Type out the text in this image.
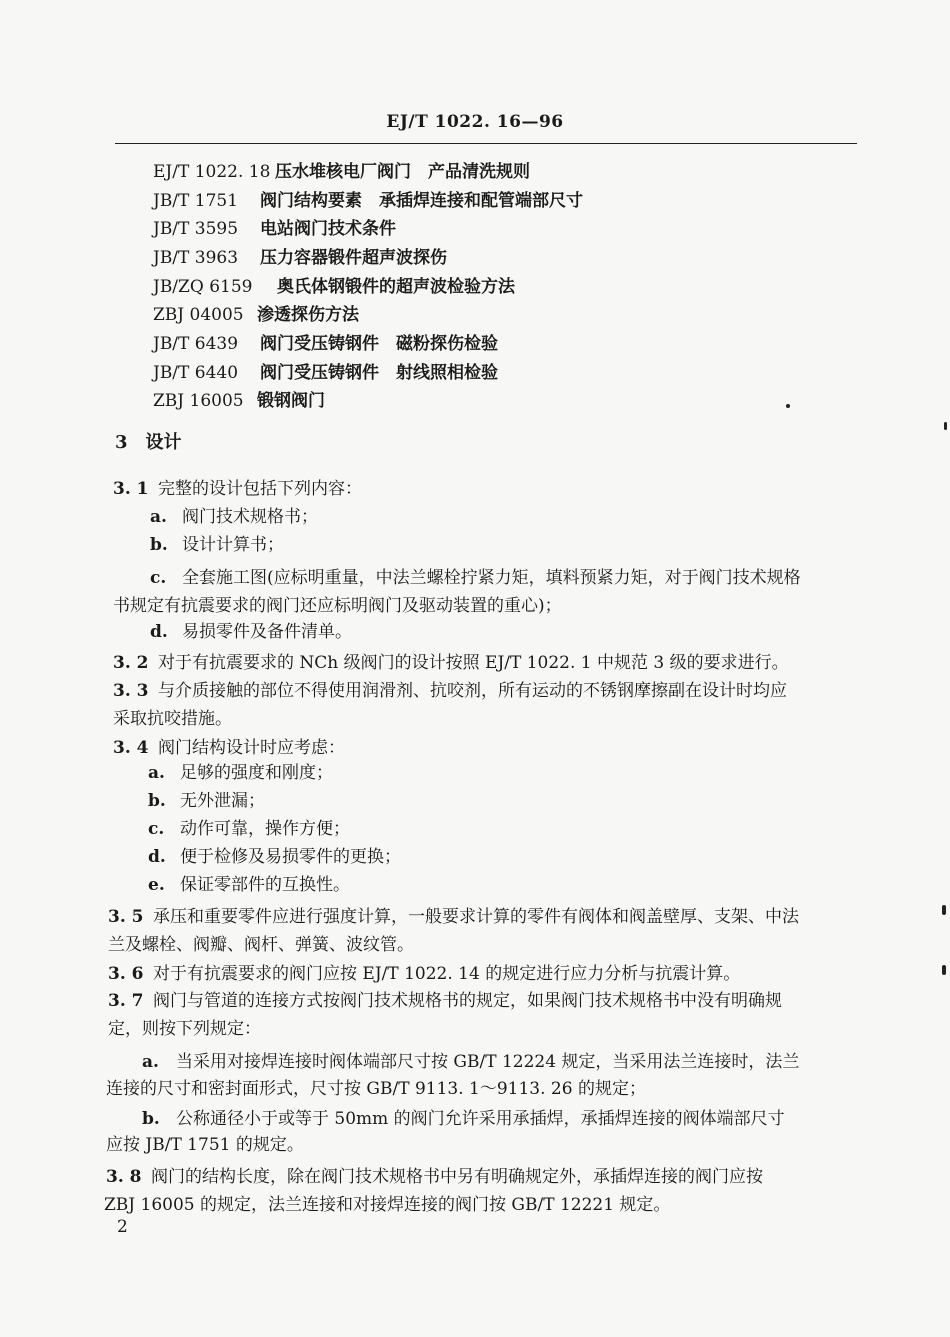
EJ/T 1022. 16—96
EJ/T 1022. 18 压水堆核电厂阀门　产品清洗规则
JB/T 1751 阀门结构要素　承插焊连接和配管端部尺寸
JB/T 3595 电站阀门技术条件
JB/T 3963 压力容器锻件超声波探伤
JB/ZQ 6159 奥氏体钢锻件的超声波检验方法
ZBJ 04005 渗透探伤方法
JB/T 6439 阀门受压铸钢件　磁粉探伤检验
JB/T 6440 阀门受压铸钢件　射线照相检验
ZBJ 16005 锻钢阀门
3　 设计
3. 1 完整的设计包括下列内容：
a. 阀门技术规格书；
b. 设计计算书；
c. 全套施工图(应标明重量，中法兰螺栓拧紧力矩，填料预紧力矩，对于阀门技术规格
书规定有抗震要求的阀门还应标明阀门及驱动装置的重心)；
d. 易损零件及备件清单。
3. 2 对于有抗震要求的 NCh 级阀门的设计按照 EJ/T 1022. 1 中规范 3 级的要求进行。
3. 3 与介质接触的部位不得使用润滑剂、抗咬剂，所有运动的不锈钢摩擦副在设计时均应
采取抗咬措施。
3. 4 阀门结构设计时应考虑：
a. 足够的强度和刚度；
b. 无外泄漏；
c. 动作可靠，操作方便；
d. 便于检修及易损零件的更换；
e. 保证零部件的互换性。
3. 5 承压和重要零件应进行强度计算，一般要求计算的零件有阀体和阀盖壁厚、支架、中法
兰及螺栓、阀瓣、阀杆、弹簧、波纹管。
3. 6 对于有抗震要求的阀门应按 EJ/T 1022. 14 的规定进行应力分析与抗震计算。
3. 7 阀门与管道的连接方式按阀门技术规格书的规定，如果阀门技术规格书中没有明确规
定，则按下列规定：
a. 当采用对接焊连接时阀体端部尺寸按 GB/T 12224 规定，当采用法兰连接时，法兰
连接的尺寸和密封面形式，尺寸按 GB/T 9113. 1～9113. 26 的规定；
b. 公称通径小于或等于 50mm 的阀门允许采用承插焊，承插焊连接的阀体端部尺寸
应按 JB/T 1751 的规定。
3. 8 阀门的结构长度，除在阀门技术规格书中另有明确规定外，承插焊连接的阀门应按
ZBJ 16005 的规定，法兰连接和对接焊连接的阀门按 GB/T 12221 规定。
2
